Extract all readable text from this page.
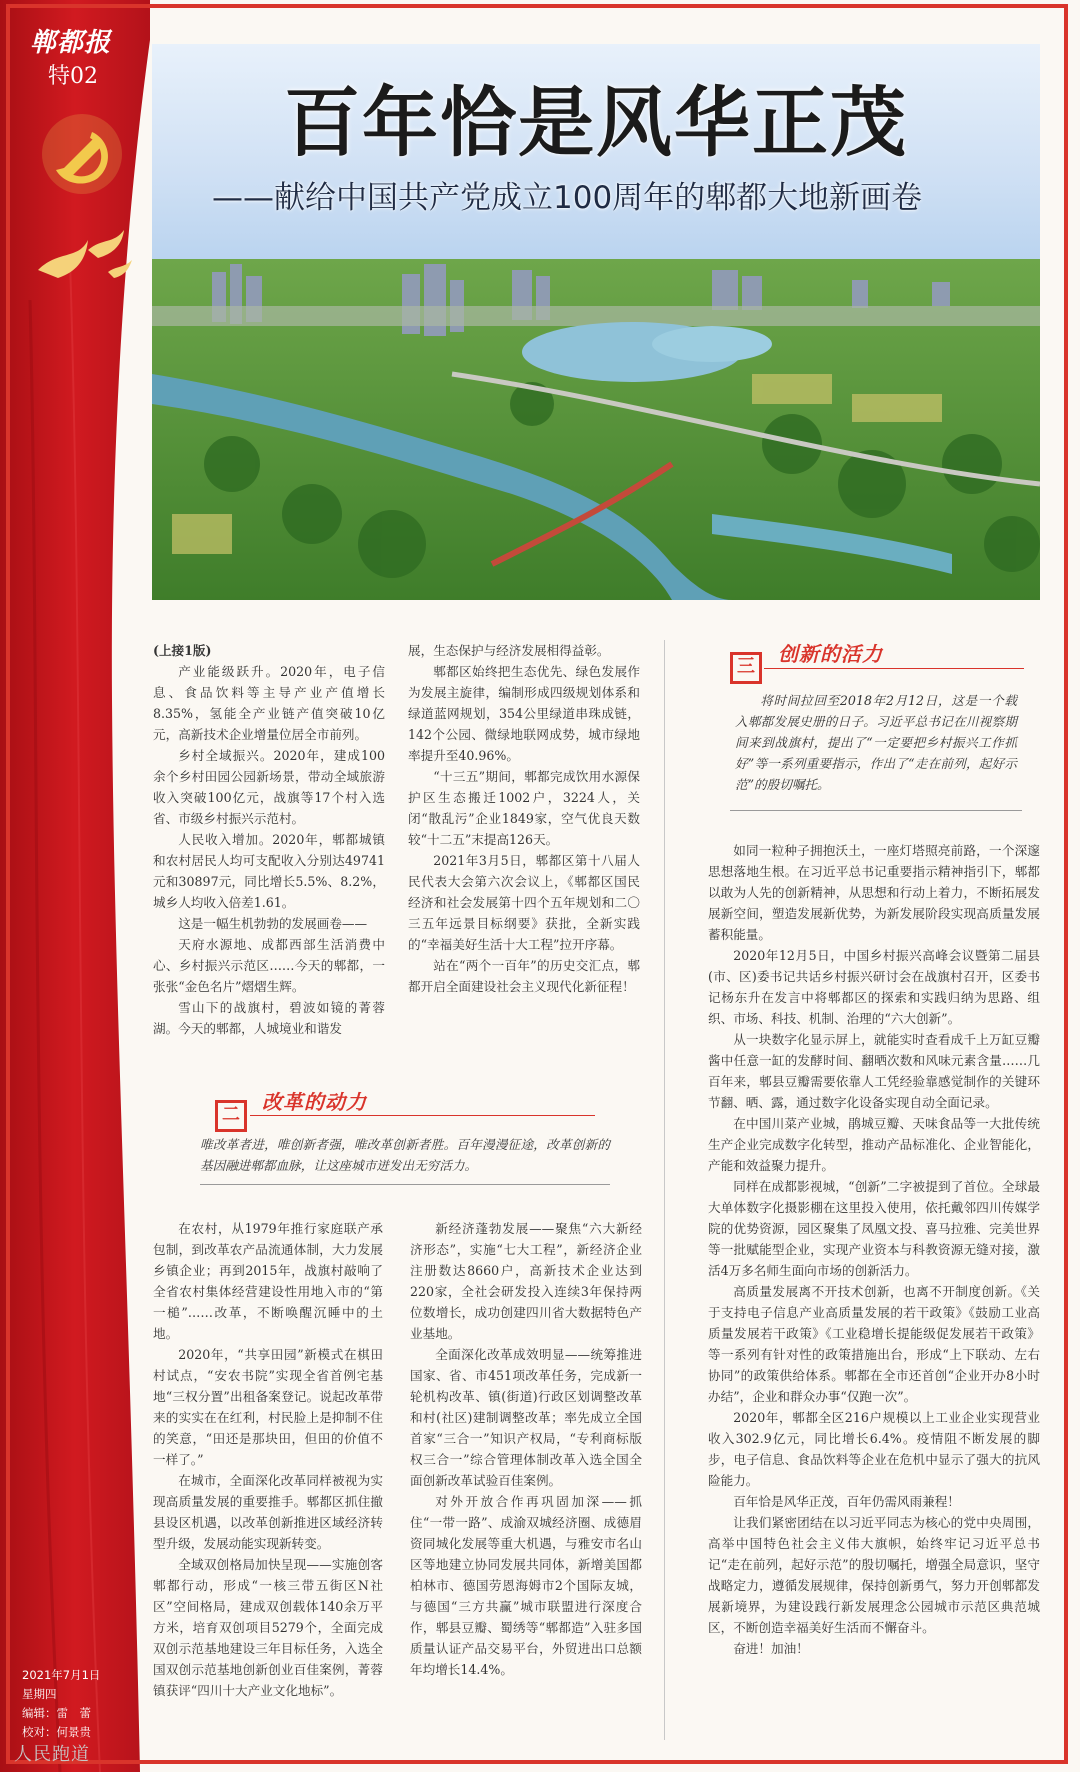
郸都报
特02
2021年7月1日
星期四
编辑：雷　蕾
校对：何景贵
百年恰是风华正茂
——献给中国共产党成立100周年的郫都大地新画卷

(上接1版)

产业能级跃升。2020年，电子信息、食品饮料等主导产业产值增长8.35%，氢能全产业链产值突破10亿元，高新技术企业增量位居全市前列。

乡村全域振兴。2020年，建成100余个乡村田园公园新场景，带动全域旅游收入突破100亿元，战旗等17个村入选省、市级乡村振兴示范村。

人民收入增加。2020年，郫都城镇和农村居民人均可支配收入分别达49741元和30897元，同比增长5.5%、8.2%，城乡人均收入倍差1.61。

这是一幅生机勃勃的发展画卷——

天府水源地、成都西部生活消费中心、乡村振兴示范区……今天的郫都，一张张“金色名片”熠熠生辉。

雪山下的战旗村，碧波如镜的菁蓉湖。今天的郫都，人城境业和谐发

展，生态保护与经济发展相得益彰。

郫都区始终把生态优先、绿色发展作为发展主旋律，编制形成四级规划体系和绿道蓝网规划，354公里绿道串珠成链，142个公园、微绿地联网成势，城市绿地率提升至40.96%。

“十三五”期间，郫都完成饮用水源保护区生态搬迁1002户，3224人，关闭“散乱污”企业1849家，空气优良天数较“十二五”末提高126天。

2021年3月5日，郫都区第十八届人民代表大会第六次会议上，《郫都区国民经济和社会发展第十四个五年规划和二〇三五年远景目标纲要》获批，全新实践的“幸福美好生活十大工程”拉开序幕。

站在“两个一百年”的历史交汇点，郫都开启全面建设社会主义现代化新征程！

二
改革的动力
唯改革者进，唯创新者强，唯改革创新者胜。百年漫漫征途，改革创新的基因融进郫都血脉，让这座城市迸发出无穷活力。

在农村，从1979年推行家庭联产承包制，到改革农产品流通体制，大力发展乡镇企业；再到2015年，战旗村敲响了全省农村集体经营建设性用地入市的“第一槌”……改革，不断唤醒沉睡中的土地。

2020年，“共享田园”新模式在棋田村试点，“安农书院”实现全省首例宅基地“三权分置”出租备案登记。说起改革带来的实实在在红利，村民脸上是抑制不住的笑意，“田还是那块田，但田的价值不一样了。”

在城市，全面深化改革同样被视为实现高质量发展的重要推手。郫都区抓住撤县设区机遇，以改革创新推进区域经济转型升级，发展动能实现新转变。

全域双创格局加快呈现——实施创客郫都行动，形成“一核三带五街区N社区”空间格局，建成双创载体140余万平方米，培育双创项目5279个，全面完成双创示范基地建设三年目标任务，入选全国双创示范基地创新创业百佳案例，菁蓉镇获评“四川十大产业文化地标”。

新经济蓬勃发展——聚焦“六大新经济形态”，实施“七大工程”，新经济企业注册数达8660户，高新技术企业达到220家，全社会研发投入连续3年保持两位数增长，成功创建四川省大数据特色产业基地。

全面深化改革成效明显——统筹推进国家、省、市451项改革任务，完成新一轮机构改革、镇(街道)行政区划调整改革和村(社区)建制调整改革；率先成立全国首家“三合一”知识产权局，“专利商标版权三合一”综合管理体制改革入选全国全面创新改革试验百佳案例。

对外开放合作再巩固加深——抓住“一带一路”、成渝双城经济圈、成德眉资同城化发展等重大机遇，与雅安市名山区等地建立协同发展共同体，新增美国都柏林市、德国劳恩海姆市2个国际友城，与德国“三方共赢”城市联盟进行深度合作，郫县豆瓣、蜀绣等“郫都造”入驻多国质量认证产品交易平台，外贸进出口总额年均增长14.4%。

三
创新的活力
将时间拉回至2018年2月12日，这是一个载入郫都发展史册的日子。习近平总书记在川视察期间来到战旗村，提出了“一定要把乡村振兴工作抓好”等一系列重要指示，作出了“走在前列，起好示范”的殷切嘱托。

如同一粒种子拥抱沃土，一座灯塔照亮前路，一个深邃思想落地生根。在习近平总书记重要指示精神指引下，郫都以敢为人先的创新精神，从思想和行动上着力，不断拓展发展新空间，塑造发展新优势，为新发展阶段实现高质量发展蓄积能量。

2020年12月5日，中国乡村振兴高峰会议暨第二届县(市、区)委书记共话乡村振兴研讨会在战旗村召开，区委书记杨东升在发言中将郫都区的探索和实践归纳为思路、组织、市场、科技、机制、治理的“六大创新”。

从一块数字化显示屏上，就能实时查看成千上万缸豆瓣酱中任意一缸的发酵时间、翻晒次数和风味元素含量……几百年来，郫县豆瓣需要依靠人工凭经验靠感觉制作的关键环节翻、晒、露，通过数字化设备实现自动全面记录。

在中国川菜产业城，鹃城豆瓣、天味食品等一大批传统生产企业完成数字化转型，推动产品标准化、企业智能化，产能和效益聚力提升。

同样在成都影视城，“创新”二字被提到了首位。全球最大单体数字化摄影棚在这里投入使用，依托戴邻四川传媒学院的优势资源，园区聚集了凤凰文投、喜马拉雅、完美世界等一批赋能型企业，实现产业资本与科教资源无缝对接，激活4万多名师生面向市场的创新活力。

高质量发展离不开技术创新，也离不开制度创新。《关于支持电子信息产业高质量发展的若干政策》《鼓励工业高质量发展若干政策》《工业稳增长提能级促发展若干政策》等一系列有针对性的政策措施出台，形成“上下联动、左右协同”的政策供给体系。郫都在全市还首创“企业开办8小时办结”，企业和群众办事“仅跑一次”。

2020年，郫都全区216户规模以上工业企业实现营业收入302.9亿元，同比增长6.4%。疫情阻不断发展的脚步，电子信息、食品饮料等企业在危机中显示了强大的抗风险能力。

百年恰是风华正茂，百年仍需风雨兼程！

让我们紧密团结在以习近平同志为核心的党中央周围，高举中国特色社会主义伟大旗帜，始终牢记习近平总书记“走在前列，起好示范”的殷切嘱托，增强全局意识，坚守战略定力，遵循发展规律，保持创新勇气，努力开创郫都发展新境界，为建设践行新发展理念公园城市示范区典范城区，不断创造幸福美好生活而不懈奋斗。

奋进！加油！

人民跑道
